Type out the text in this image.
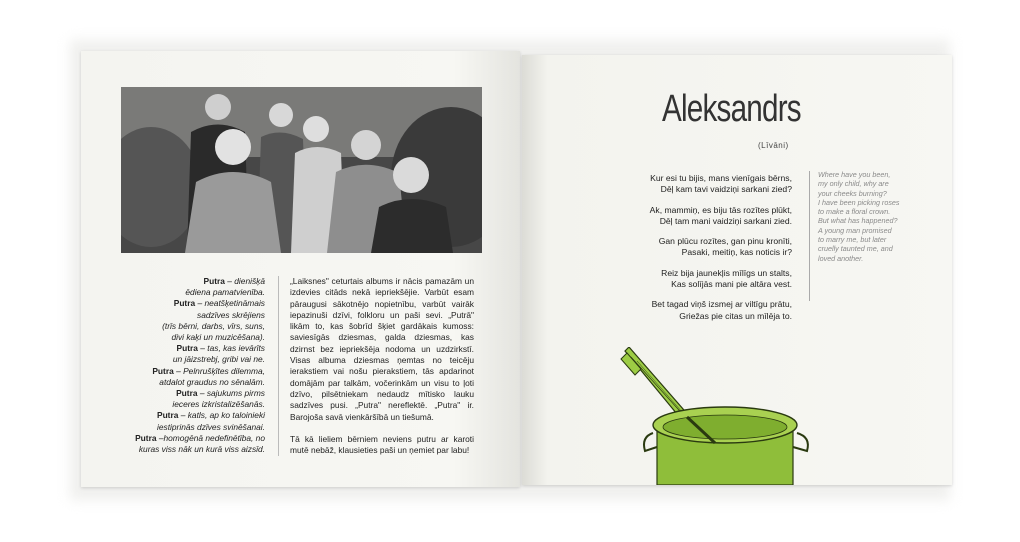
Putra – dienišķā
ēdiena pamatvienība.
Putra – neatšķetināmais
sadzīves skrējiens
(trīs bērni, darbs, vīrs, suns,
divi kaķi un muzicēšana).
Putra – tas, kas ievārīts
un jāizstrebj, gribi vai ne.
Putra – Pelnrušķītes dilemma,
atdalot graudus no sēnalām.
Putra – sajukums pirms
ieceres izkristalizēšanās.
Putra – katls, ap ko taloinieki
iestiprinās dzīves svinēšanai.
Putra –homogēnā nedefinētība, no
kuras viss nāk un kurā viss aizsīd.

„Laiksnes" ceturtais albums ir nācis pamazām un izdevies citāds nekā iepriekšējie. Varbūt esam pāraugusi sākotnējo nopietnību, varbūt vairāk iepazinuši dzīvi, folkloru un paši sevi. „Putrā" likām to, kas šobrīd šķiet gardākais kumoss: saviesīgās dziesmas, galda dziesmas, kas dzirnst bez iepriekšēja nodoma un uzdzirkstī. Visas albuma dziesmas ņemtas no teicēju ierakstiem vai nošu pierakstiem, tās apdarinot domājām par talkām, vočerinkām un visu to ļoti dzīvo, pilsētniekam nedaudz mītisko lauku sadzīves pusi. „Putra" nereflektē. „Putra" ir. Barojoša savā vienkāršībā un tiešumā.

Tā kā lieliem bērniem neviens putru ar karoti mutē nebāž, klausieties paši un ņemiet par labu!

Aleksandrs
(Līvāni)
Kur esi tu bijis, mans vienīgais bērns,
Dēļ kam tavi vaidziņi sarkani zied?
Ak, mammiņ, es biju tās rozītes plūkt,
Dēļ tam mani vaidziņi sarkani zied.
Gan plūcu rozītes, gan pinu kronīti,
Pasaki, meitiņ, kas noticis ir?
Reiz bija jaunekļis mīlīgs un stalts,
Kas solījās mani pie altāra vest.
Bet tagad viņš izsmej ar viltīgu prātu,
Griežas pie citas un mīlēja to.
Where have you been,
my only child, why are
your cheeks burning?
I have been picking roses
to make a floral crown.
But what has happened?
A young man promised
to marry me, but later
cruelly taunted me, and
loved another.
